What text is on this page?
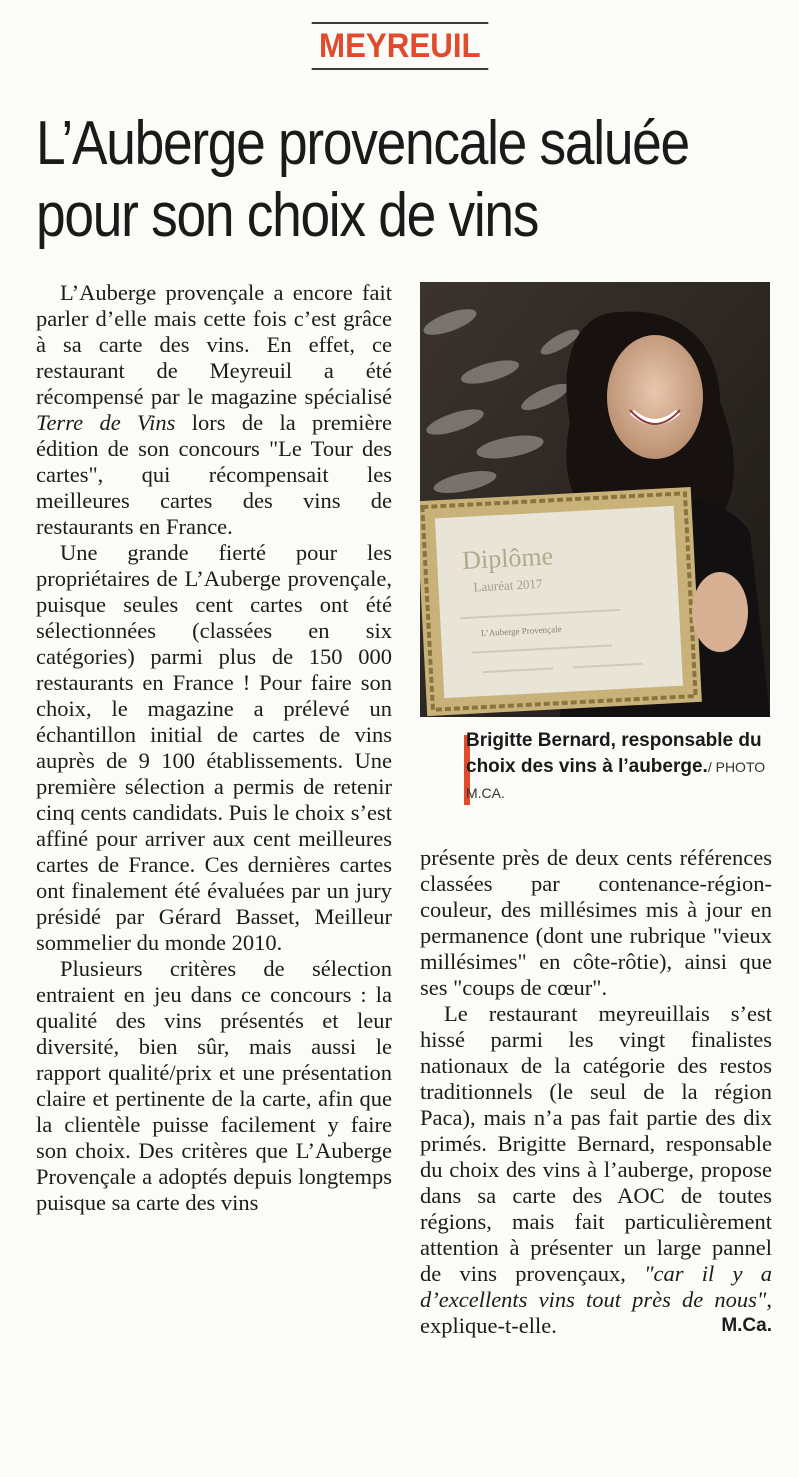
MEYREUIL
L’Auberge provencale saluée
pour son choix de vins

L’Auberge provençale a encore fait parler d’elle mais cette fois c’est grâce à sa carte des vins. En effet, ce restaurant de Meyreuil a été récompensé par le magazine spécialisé Terre de Vins lors de la première édition de son concours "Le Tour des cartes", qui récompensait les meilleures cartes des vins de restaurants en France.

Une grande fierté pour les propriétaires de L’Auberge provençale, puisque seules cent cartes ont été sélectionnées (classées en six catégories) parmi plus de 150 000 restaurants en France ! Pour faire son choix, le magazine a prélevé un échantillon initial de cartes de vins auprès de 9 100 établissements. Une première sélection a permis de retenir cinq cents candidats. Puis le choix s’est affiné pour arriver aux cent meilleures cartes de France. Ces dernières cartes ont finalement été évaluées par un jury présidé par Gérard Basset, Meilleur sommelier du monde 2010.

Plusieurs critères de sélection entraient en jeu dans ce concours : la qualité des vins présentés et leur diversité, bien sûr, mais aussi le rapport qualité/prix et une présentation claire et pertinente de la carte, afin que la clientèle puisse facilement y faire son choix. Des critères que L’Auberge Provençale a adoptés depuis longtemps puisque sa carte des vins

Diplôme
Lauréat 2017
L’Auberge Provençale
Brigitte Bernard, responsable du choix des vins à l’auberge./ PHOTO M.CA.

présente près de deux cents références classées par contenance-région-couleur, des millésimes mis à jour en permanence (dont une rubrique "vieux millésimes" en côte-rôtie), ainsi que ses "coups de cœur".

Le restaurant meyreuillais s’est hissé parmi les vingt finalistes nationaux de la catégorie des restos traditionnels (le seul de la région Paca), mais n’a pas fait partie des dix primés. Brigitte Bernard, responsable du choix des vins à l’auberge, propose dans sa carte des AOC de toutes régions, mais fait particulièrement attention à présenter un large pannel de vins provençaux, "car il y a d’excellents vins tout près de nous", explique-t-elle.	M.Ca.
